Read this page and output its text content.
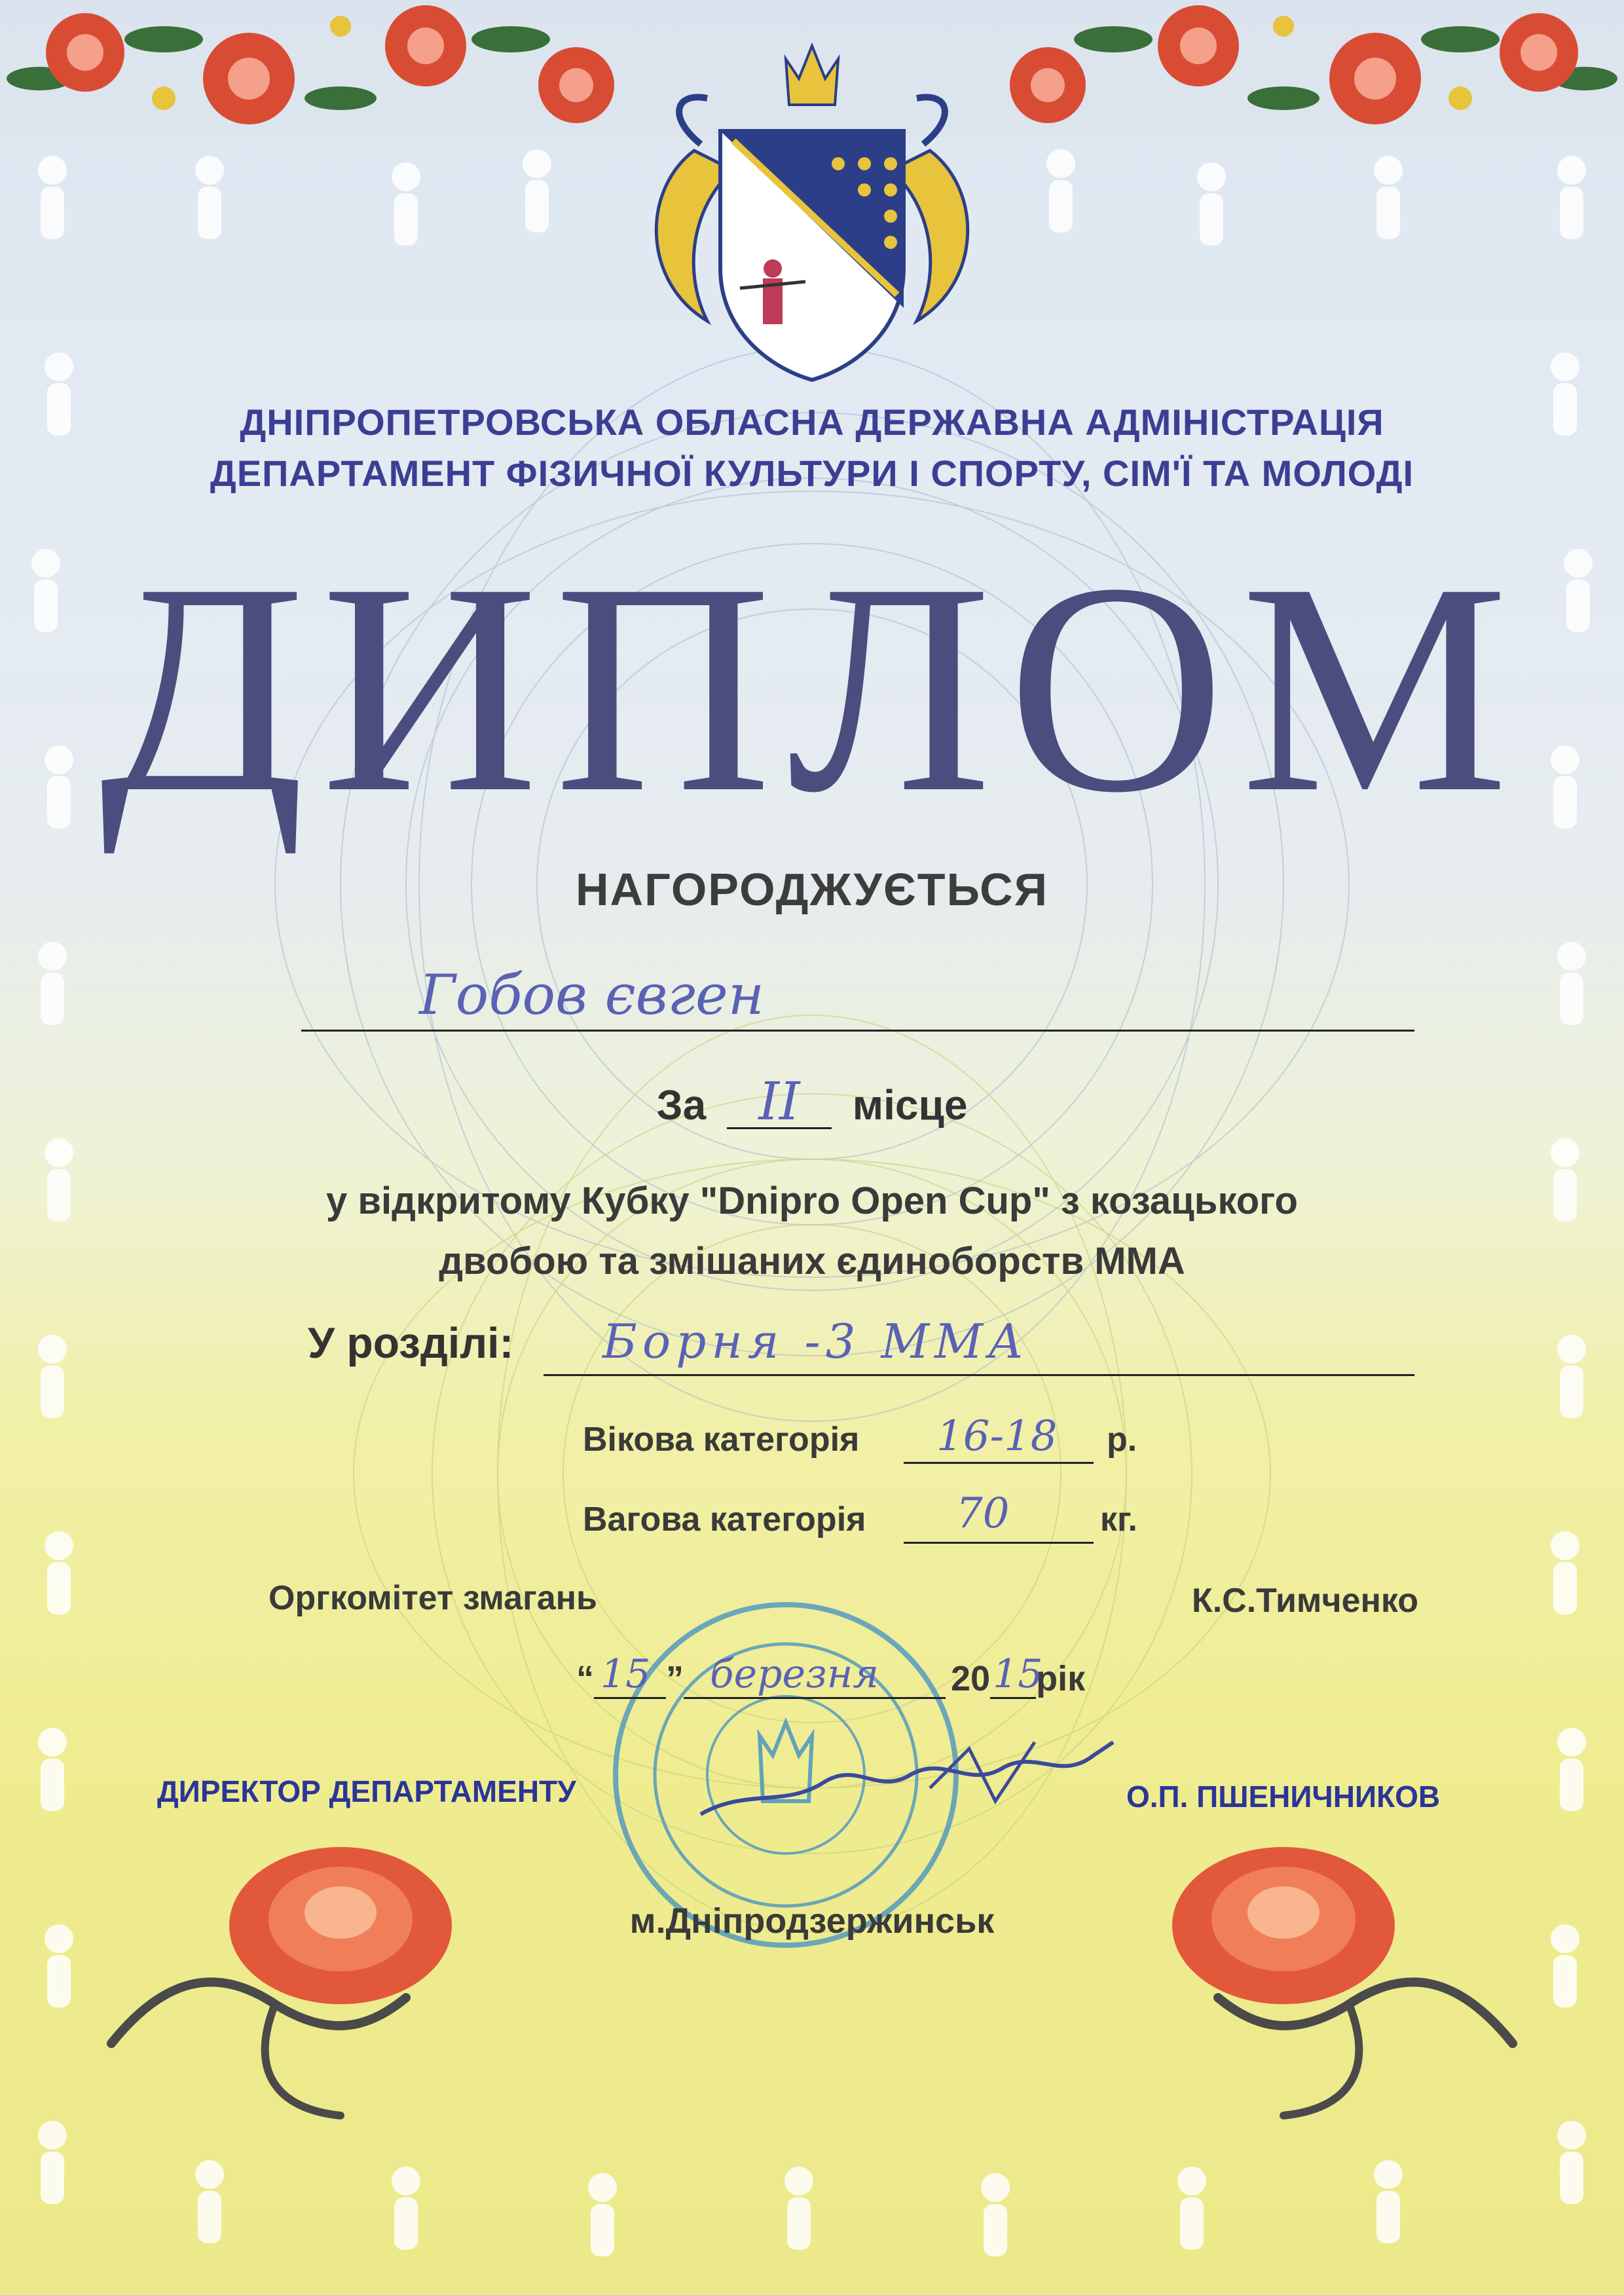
ДНІПРОПЕТРОВСЬКА ОБЛАСНА ДЕРЖАВНА АДМІНІСТРАЦІЯ
ДЕПАРТАМЕНТ ФІЗИЧНОЇ КУЛЬТУРИ І СПОРТУ, СІМ'Ї ТА МОЛОДІ
ДИПЛОМ
НАГОРОДЖУЄТЬСЯ
Гобов євген
За	II	місце
у відкритому Кубку "Dnipro Open Cup" з козацького
двобою та змішаних єдиноборств ММА
У розділі: Борня -3 ММА
Вікова категорія 16-18 р.
Вагова категорія 70	кг.
Оргкомітет змагань	К.С.Тимченко
“ 15 ” березня 20 15
рік
ДИРЕКТОР ДЕПАРТАМЕНТУ	О.П. ПШЕНИЧНИКОВ
м.Дніпродзержинськ
